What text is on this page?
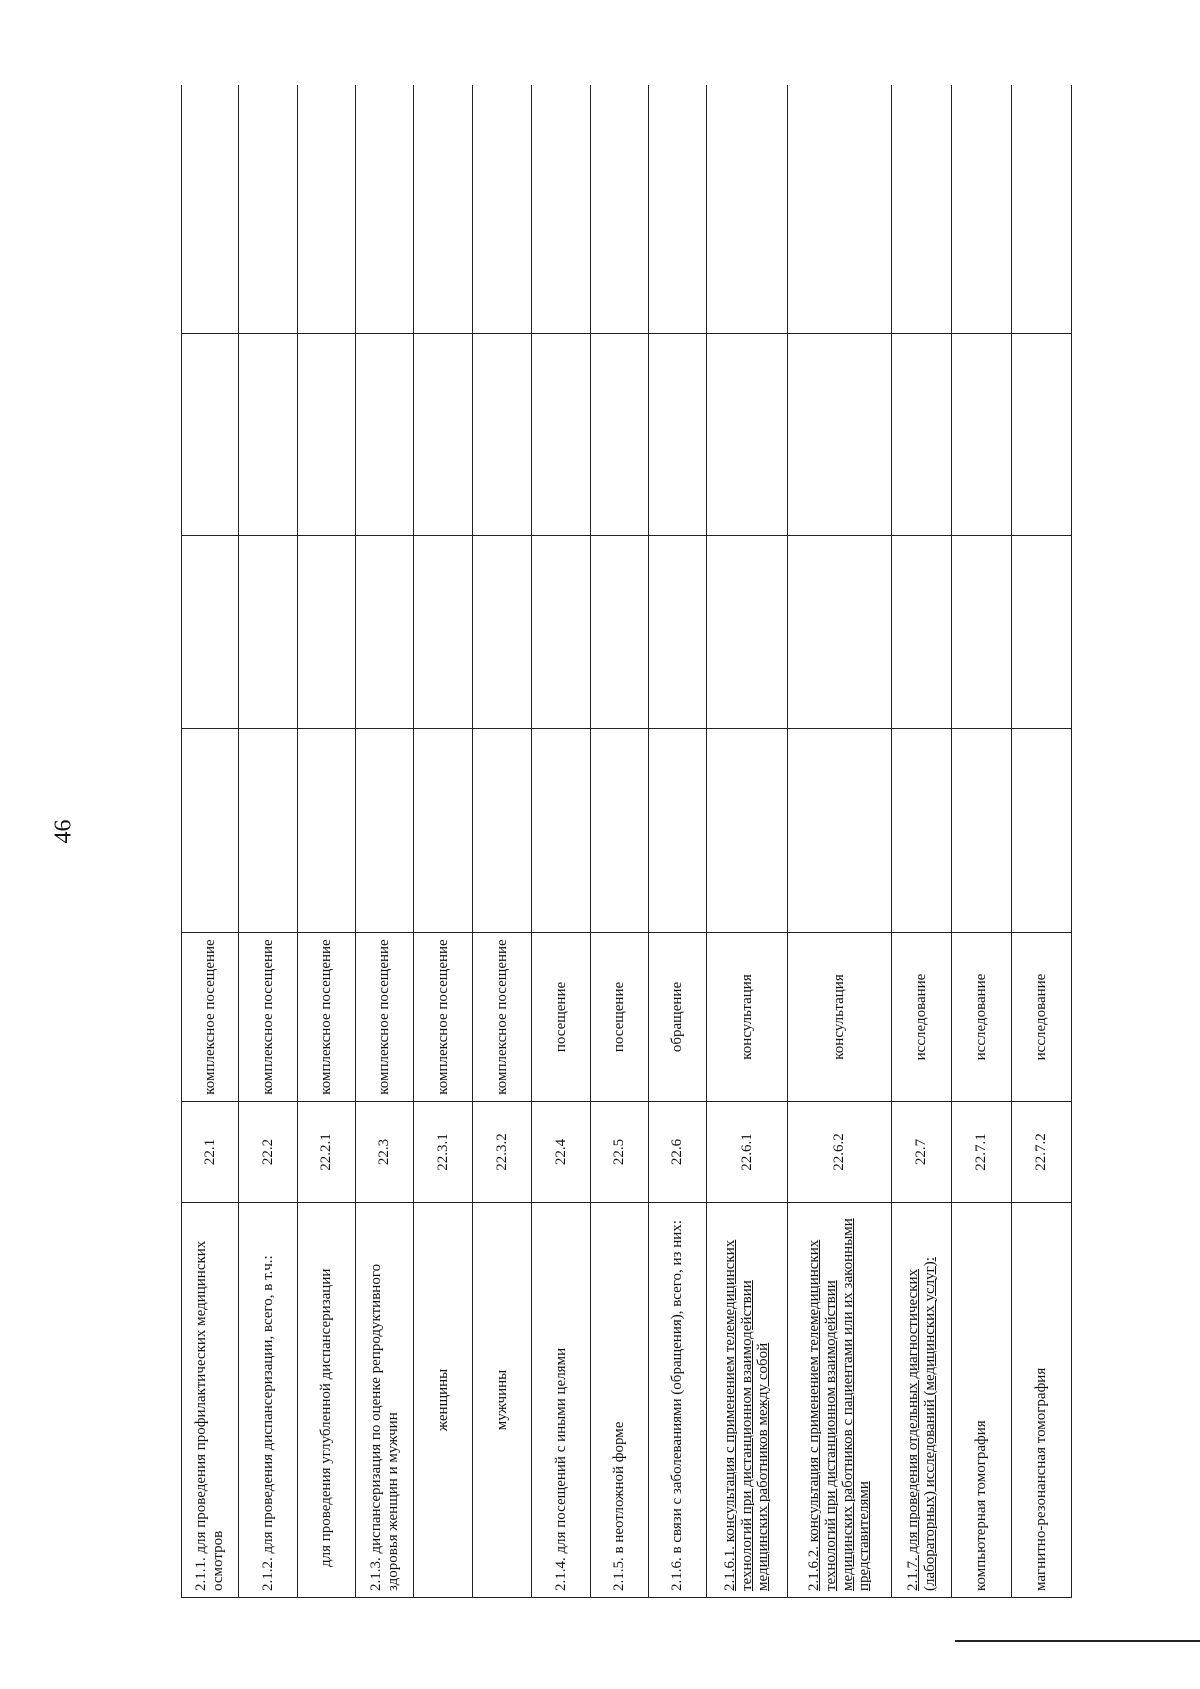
46
2.1.1. для проведения профилактических медицинских осмотров	22.1	комплексное посещение				
2.1.2. для проведения диспансеризации, всего, в т.ч.:	22.2	комплексное посещение				
для проведения углубленной диспансеризации	22.2.1	комплексное посещение				
2.1.3. диспансеризация по оценке репродуктивного здоровья женщин и мужчин	22.3	комплексное посещение				
женщины	22.3.1	комплексное посещение				
мужчины	22.3.2	комплексное посещение				
2.1.4. для посещений с иными целями	22.4	посещение				
2.1.5. в неотложной форме	22.5	посещение				
2.1.6. в связи с заболеваниями (обращения), всего, из них:	22.6	обращение				
2.1.6.1. консультация с применением телемедицинских технологий при дистанционном взаимодействии медицинских работников между собой	22.6.1	консультация				
2.1.6.2. консультация с применением телемедицинских технологий при дистанционном взаимодействии медицинских работников с пациентами или их законными представителями	22.6.2	консультация				
2.1.7. для проведения отдельных диагностических (лабораторных) исследований (медицинских услуг):	22.7	исследование				
компьютерная томография	22.7.1	исследование				
магнитно-резонансная томография	22.7.2	исследование				
